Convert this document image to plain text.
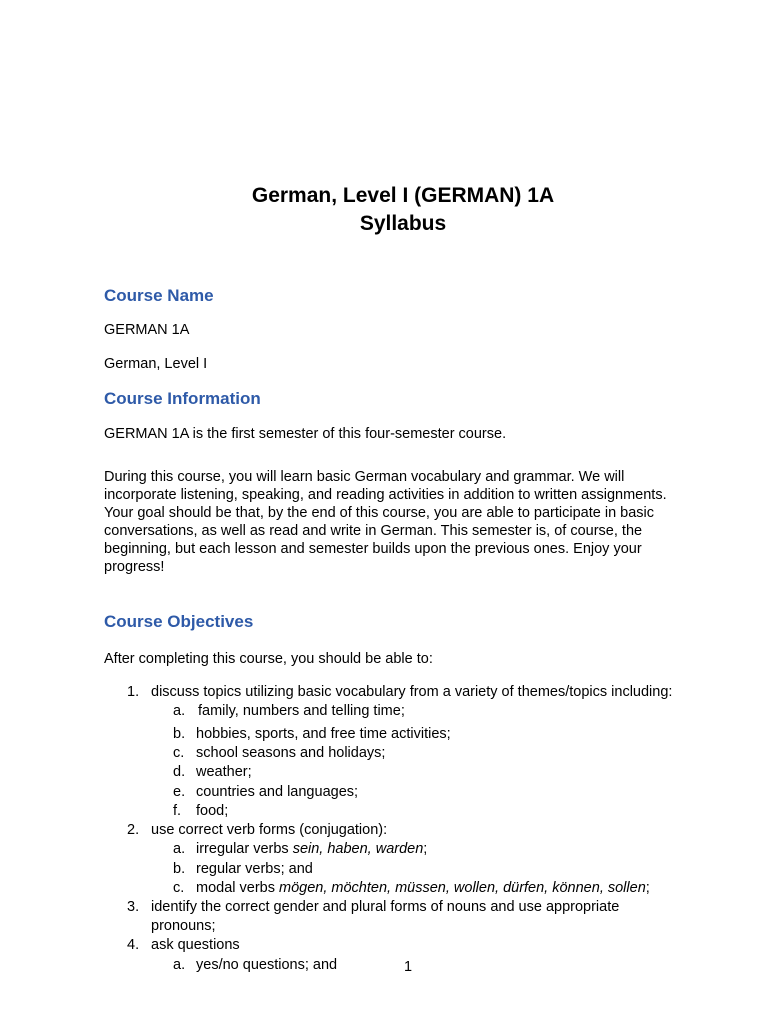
German, Level I (GERMAN) 1A
Syllabus
Course Name
GERMAN 1A
German, Level I
Course Information
GERMAN 1A is the first semester of this four-semester course.
During this course, you will learn basic German vocabulary and grammar. We will
incorporate listening, speaking, and reading activities in addition to written assignments.
Your goal should be that, by the end of this course, you are able to participate in basic
conversations, as well as read and write in German. This semester is, of course, the
beginning, but each lesson and semester builds upon the previous ones. Enjoy your
progress!
Course Objectives
After completing this course, you should be able to:
1. discuss topics utilizing basic vocabulary from a variety of themes/topics including:
a. family, numbers and telling time;
b. hobbies, sports, and free time activities;
c. school seasons and holidays;
d. weather;
e. countries and languages;
f. food;
2. use correct verb forms (conjugation):
a. irregular verbs sein, haben, warden;
b. regular verbs; and
c. modal verbs mögen, möchten, müssen, wollen, dürfen, können, sollen;
3. identify the correct gender and plural forms of nouns and use appropriate
pronouns;
4. ask questions
a. yes/no questions; and	1
